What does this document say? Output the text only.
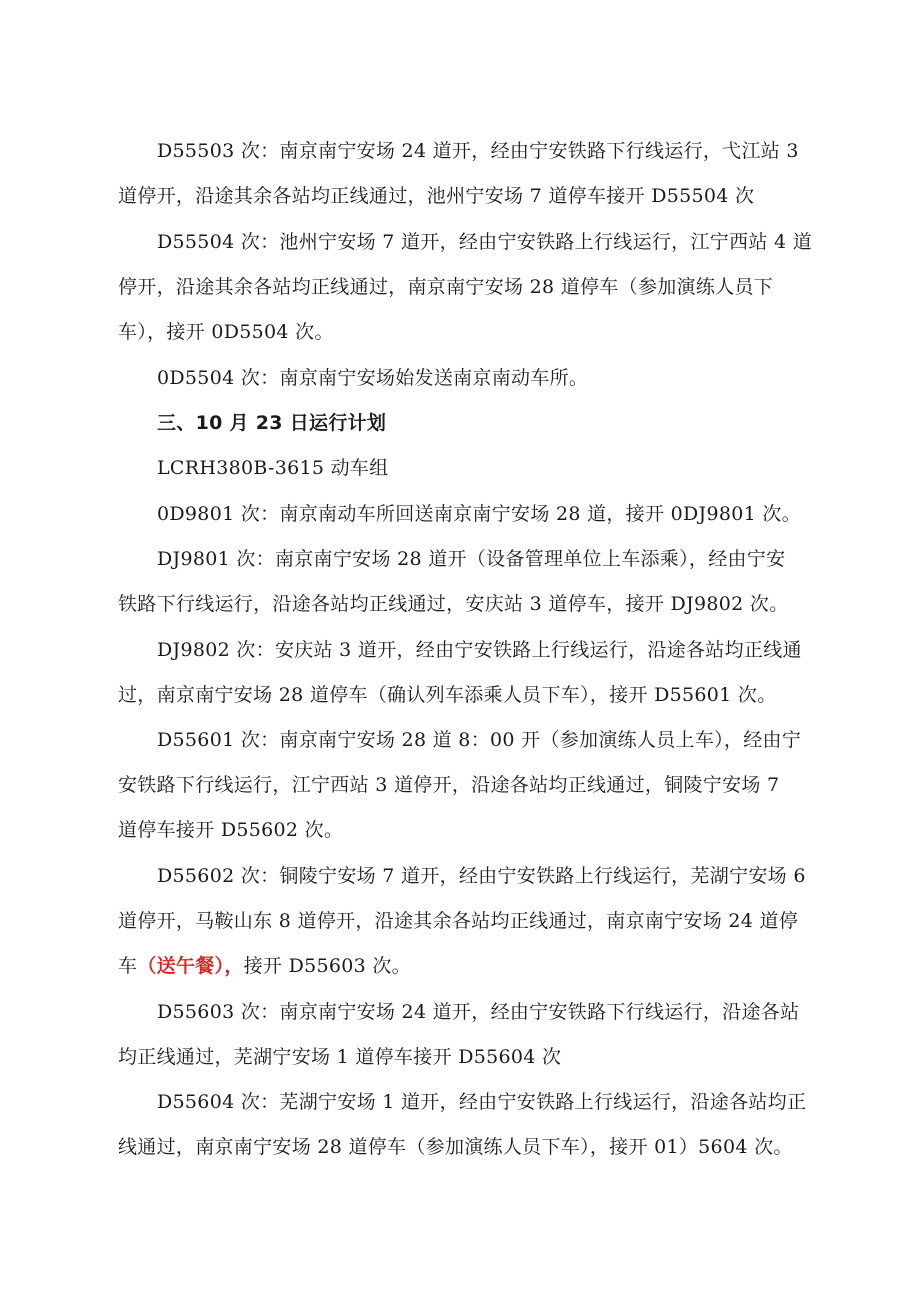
D55503 次：南京南宁安场 24 道开，经由宁安铁路下行线运行，弋江站 3
道停开，沿途其余各站均正线通过，池州宁安场 7 道停车接开 D55504 次
D55504 次：池州宁安场 7 道开，经由宁安铁路上行线运行，江宁西站 4 道
停开，沿途其余各站均正线通过，南京南宁安场 28 道停车（参加演练人员下
车），接开 0D5504 次。
0D5504 次：南京南宁安场始发送南京南动车所。
三、10 月 23 日运行计划
LCRH380B-3615 动车组
0D9801 次：南京南动车所回送南京南宁安场 28 道，接开 0DJ9801 次。
DJ9801 次：南京南宁安场 28 道开（设备管理单位上车添乘），经由宁安
铁路下行线运行，沿途各站均正线通过，安庆站 3 道停车，接开 DJ9802 次。
DJ9802 次：安庆站 3 道开，经由宁安铁路上行线运行，沿途各站均正线通
过，南京南宁安场 28 道停车（确认列车添乘人员下车），接开 D55601 次。
D55601 次：南京南宁安场 28 道 8：00 开（参加演练人员上车），经由宁
安铁路下行线运行，江宁西站 3 道停开，沿途各站均正线通过，铜陵宁安场 7
道停车接开 D55602 次。
D55602 次：铜陵宁安场 7 道开，经由宁安铁路上行线运行，芜湖宁安场 6
道停开，马鞍山东 8 道停开，沿途其余各站均正线通过，南京南宁安场 24 道停
车（送午餐），接开 D55603 次。
D55603 次：南京南宁安场 24 道开，经由宁安铁路下行线运行，沿途各站
均正线通过，芜湖宁安场 1 道停车接开 D55604 次
D55604 次：芜湖宁安场 1 道开，经由宁安铁路上行线运行，沿途各站均正
线通过，南京南宁安场 28 道停车（参加演练人员下车），接开 01）5604 次。
